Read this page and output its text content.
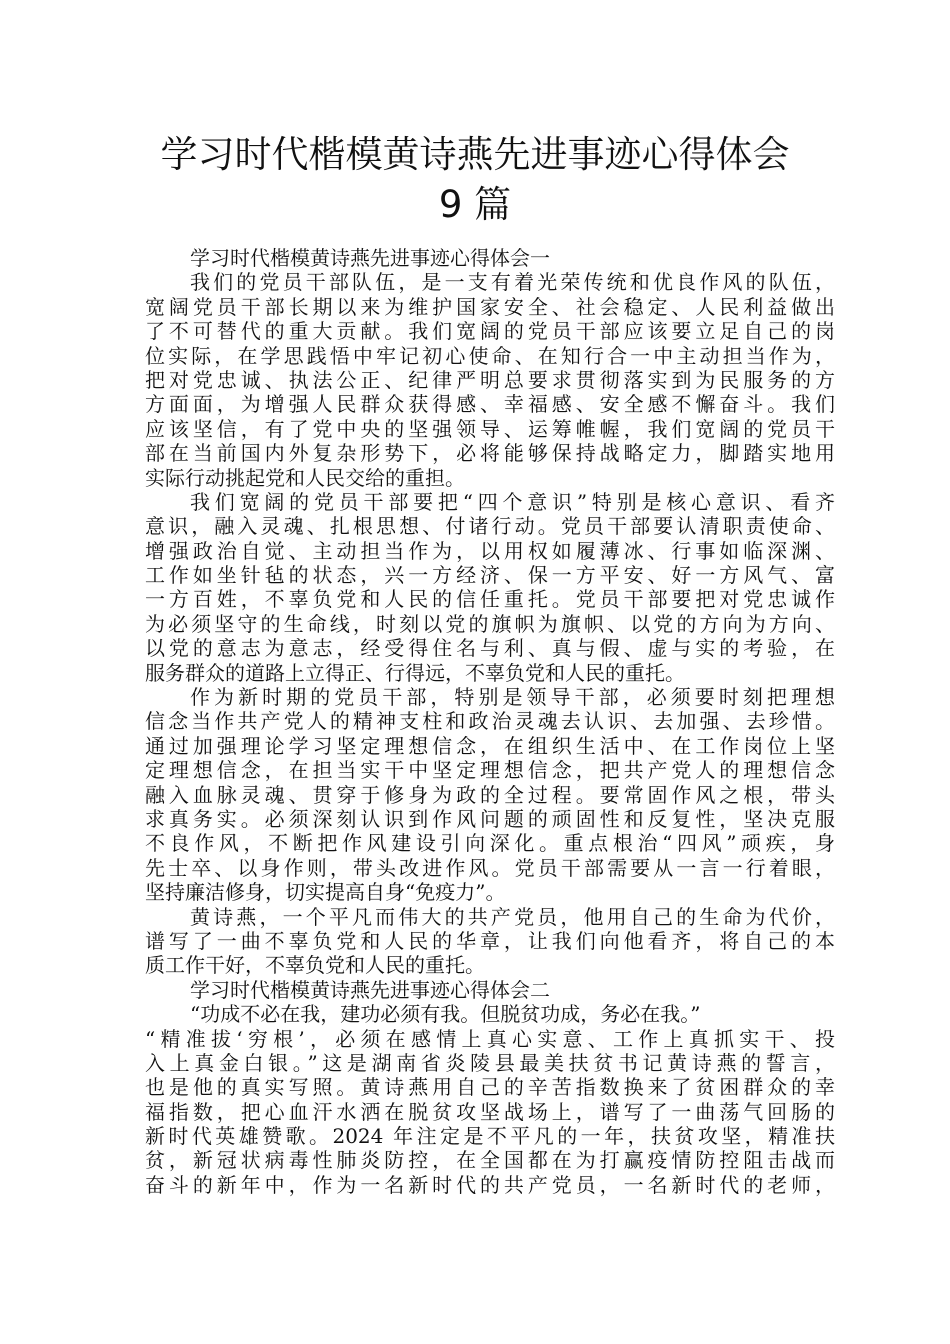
学习时代楷模黄诗燕先进事迹心得体会
9 篇
学习时代楷模黄诗燕先进事迹心得体会一
我们的党员干部队伍，是一支有着光荣传统和优良作风的队伍，
宽阔党员干部长期以来为维护国家安全、社会稳定、人民利益做出
了不可替代的重大贡献。我们宽阔的党员干部应该要立足自己的岗
位实际，在学思践悟中牢记初心使命、在知行合一中主动担当作为，
把对党忠诚、执法公正、纪律严明总要求贯彻落实到为民服务的方
方面面，为增强人民群众获得感、幸福感、安全感不懈奋斗。我们
应该坚信，有了党中央的坚强领导、运筹帷幄，我们宽阔的党员干
部在当前国内外复杂形势下，必将能够保持战略定力，脚踏实地用
实际行动挑起党和人民交给的重担。
我们宽阔的党员干部要把“四个意识”特别是核心意识、看齐
意识，融入灵魂、扎根思想、付诸行动。党员干部要认清职责使命、
增强政治自觉、主动担当作为，以用权如履薄冰、行事如临深渊、
工作如坐针毡的状态，兴一方经济、保一方平安、好一方风气、富
一方百姓，不辜负党和人民的信任重托。党员干部要把对党忠诚作
为必须坚守的生命线，时刻以党的旗帜为旗帜、以党的方向为方向、
以党的意志为意志，经受得住名与利、真与假、虚与实的考验，在
服务群众的道路上立得正、行得远，不辜负党和人民的重托。
作为新时期的党员干部，特别是领导干部，必须要时刻把理想
信念当作共产党人的精神支柱和政治灵魂去认识、去加强、去珍惜。
通过加强理论学习坚定理想信念，在组织生活中、在工作岗位上坚
定理想信念，在担当实干中坚定理想信念，把共产党人的理想信念
融入血脉灵魂、贯穿于修身为政的全过程。要常固作风之根，带头
求真务实。必须深刻认识到作风问题的顽固性和反复性，坚决克服
不良作风，不断把作风建设引向深化。重点根治“四风”顽疾，身
先士卒、以身作则，带头改进作风。党员干部需要从一言一行着眼，
坚持廉洁修身，切实提高自身“免疫力”。
黄诗燕，一个平凡而伟大的共产党员，他用自己的生命为代价，
谱写了一曲不辜负党和人民的华章，让我们向他看齐，将自己的本
质工作干好，不辜负党和人民的重托。
学习时代楷模黄诗燕先进事迹心得体会二
“功成不必在我，建功必须有我。但脱贫功成，务必在我。”
“精准拔‘穷根’，必须在感情上真心实意、工作上真抓实干、投
入上真金白银。”这是湖南省炎陵县最美扶贫书记黄诗燕的誓言，
也是他的真实写照。黄诗燕用自己的辛苦指数换来了贫困群众的幸
福指数，把心血汗水洒在脱贫攻坚战场上，谱写了一曲荡气回肠的
新时代英雄赞歌。2024 年注定是不平凡的一年，扶贫攻坚，精准扶
贫，新冠状病毒性肺炎防控，在全国都在为打赢疫情防控阻击战而
奋斗的新年中，作为一名新时代的共产党员，一名新时代的老师，
